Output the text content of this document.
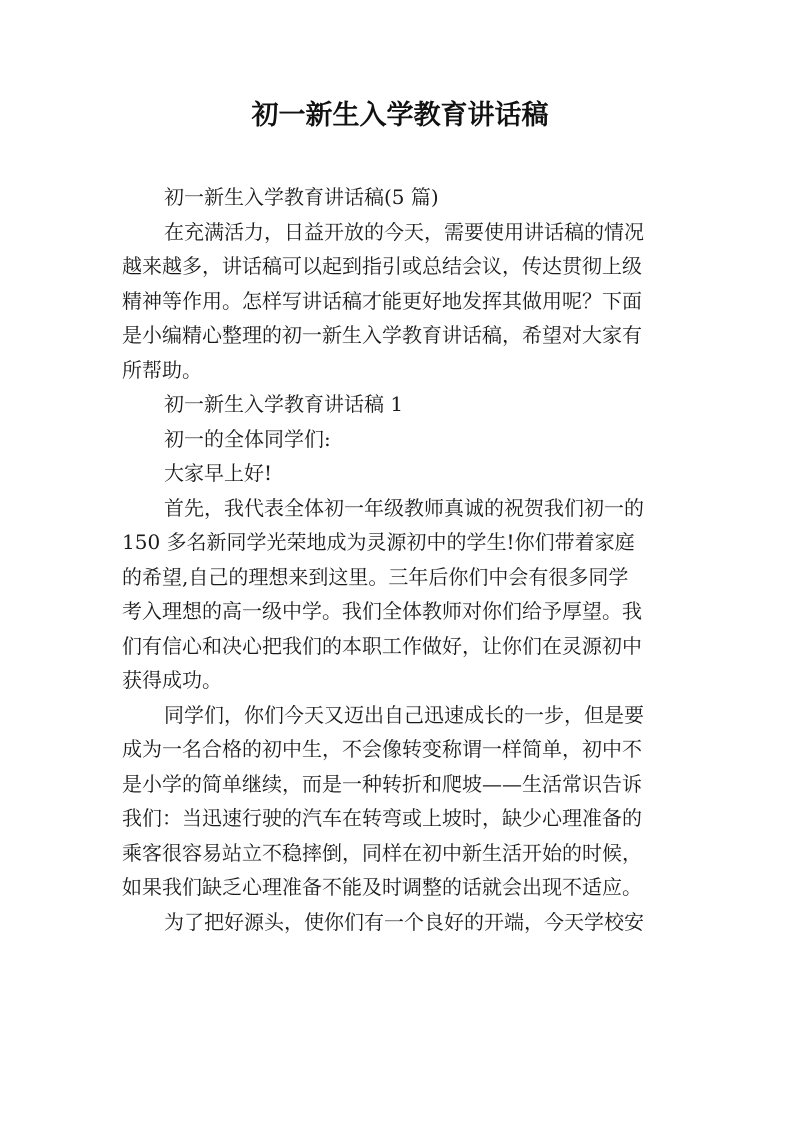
初一新生入学教育讲话稿

初一新生入学教育讲话稿(5 篇)

在充满活力，日益开放的今天，需要使用讲话稿的情况
越来越多，讲话稿可以起到指引或总结会议，传达贯彻上级
精神等作用。怎样写讲话稿才能更好地发挥其做用呢？下面
是小编精心整理的初一新生入学教育讲话稿，希望对大家有
所帮助。

初一新生入学教育讲话稿 1

初一的全体同学们:

大家早上好!

首先，我代表全体初一年级教师真诚的祝贺我们初一的
150 多名新同学光荣地成为灵源初中的学生!你们带着家庭
的希望,自己的理想来到这里。三年后你们中会有很多同学
考入理想的高一级中学。我们全体教师对你们给予厚望。我
们有信心和决心把我们的本职工作做好，让你们在灵源初中
获得成功。
同学们，你们今天又迈出自己迅速成长的一步，但是要
成为一名合格的初中生，不会像转变称谓一样简单，初中不
是小学的简单继续，而是一种转折和爬坡——生活常识告诉
我们：当迅速行驶的汽车在转弯或上坡时，缺少心理准备的
乘客很容易站立不稳摔倒，同样在初中新生活开始的时候，
如果我们缺乏心理准备不能及时调整的话就会出现不适应。
为了把好源头，使你们有一个良好的开端，今天学校安
